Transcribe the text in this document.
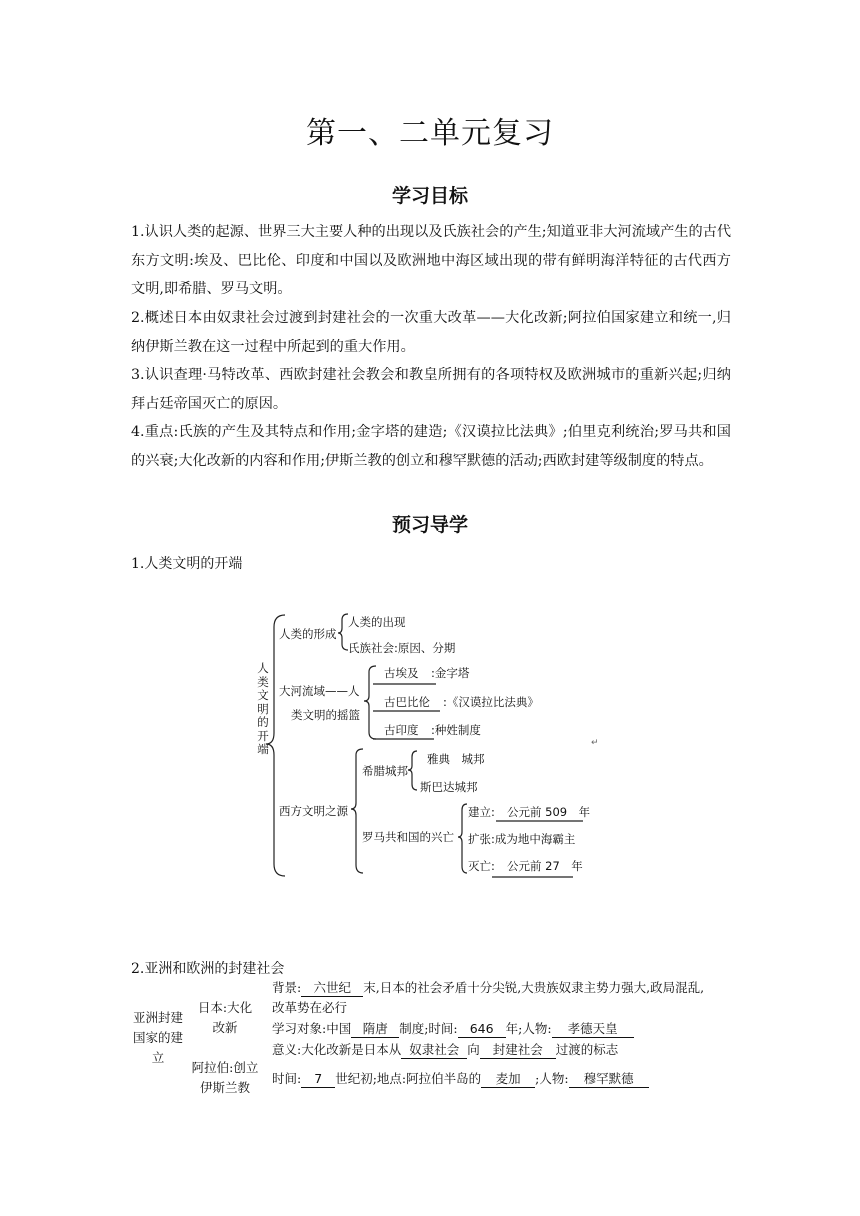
第一、二单元复习
学习目标
1.认识人类的起源、世界三大主要人种的出现以及氏族社会的产生;知道亚非大河流域产生的古代东方文明:埃及、巴比伦、印度和中国以及欧洲地中海区域出现的带有鲜明海洋特征的古代西方文明,即希腊、罗马文明。
2.概述日本由奴隶社会过渡到封建社会的一次重大改革——大化改新;阿拉伯国家建立和统一,归纳伊斯兰教在这一过程中所起到的重大作用。
3.认识查理·马特改革、西欧封建社会教会和教皇所拥有的各项特权及欧洲城市的重新兴起;归纳拜占廷帝国灭亡的原因。
4.重点:氏族的产生及其特点和作用;金字塔的建造;《汉谟拉比法典》;伯里克利统治;罗马共和国的兴衰;大化改新的内容和作用;伊斯兰教的创立和穆罕默德的活动;西欧封建等级制度的特点。
预习导学
1.人类文明的开端
人类文明的开端
人类的形成
人类的出现
氏族社会:原因、分期
大河流域——人
类文明的摇篮
古埃及 :金字塔
古巴比伦 :《汉谟拉比法典》
古印度 :种姓制度
↵
西方文明之源
希腊城邦
雅典　城邦
斯巴达城邦
罗马共和国的兴亡
建立: 公元前 509　年
扩张:成为地中海霸主
灭亡: 公元前 27　年
2.亚洲和欧洲的封建社会
亚洲封建国家的建立
日本:大化改新
阿拉伯:创立伊斯兰教
背景: 六世纪 末,日本的社会矛盾十分尖锐,大贵族奴隶主势力强大,政局混乱,
改革势在必行
学习对象:中国 隋唐 制度;时间: 646 年;人物: 孝德天皇
意义:大化改新是日本从 奴隶社会 向 封建社会 过渡的标志
时间: 7 世纪初;地点:阿拉伯半岛的 麦加 ;人物: 穆罕默德
